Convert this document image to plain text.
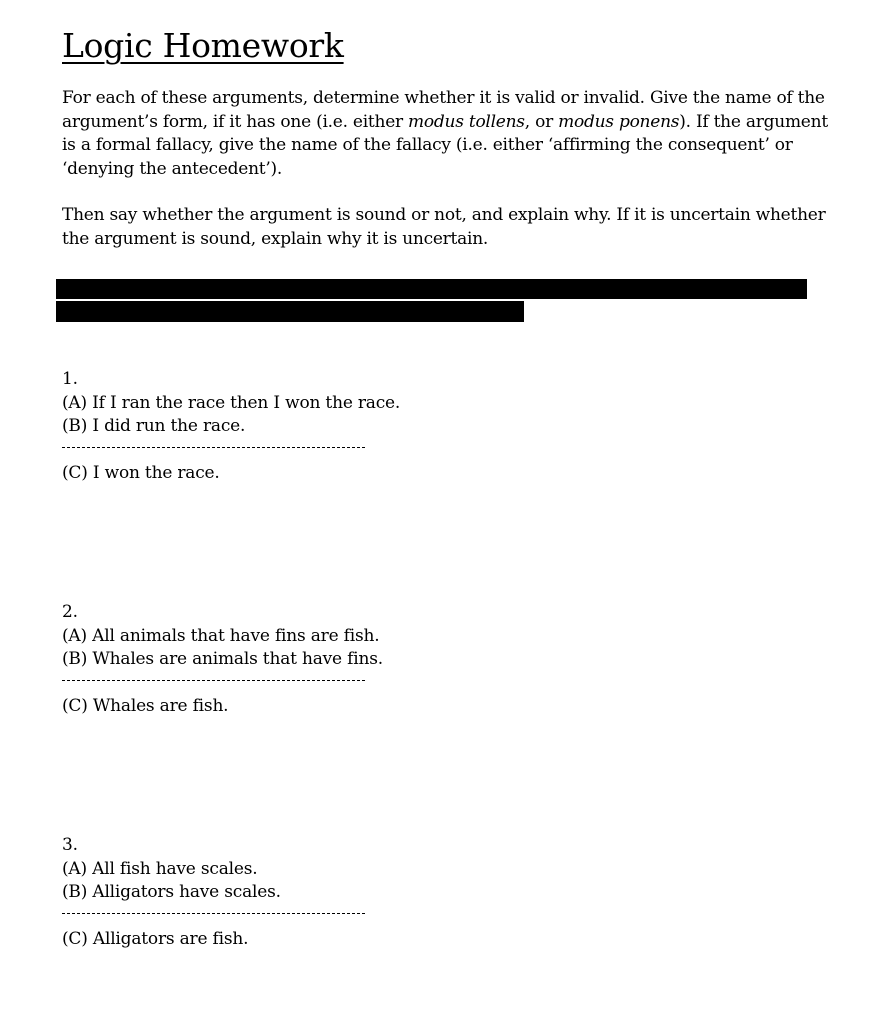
Logic Homework

For each of these arguments, determine whether it is valid or invalid. Give the name of the argument’s form, if it has one (i.e. either modus tollens, or modus ponens). If the argument is a formal fallacy, give the name of the fallacy (i.e. either ‘affirming the consequent’ or ‘denying the antecedent’).

Then say whether the argument is sound or not, and explain why. If it is uncertain whether the argument is sound, explain why it is uncertain.

1.
(A) If I ran the race then I won the race.
(B) I did run the race.
(C) I won the race.
2.
(A) All animals that have fins are fish.
(B) Whales are animals that have fins.
(C) Whales are fish.
3.
(A) All fish have scales.
(B) Alligators have scales.
(C) Alligators are fish.
